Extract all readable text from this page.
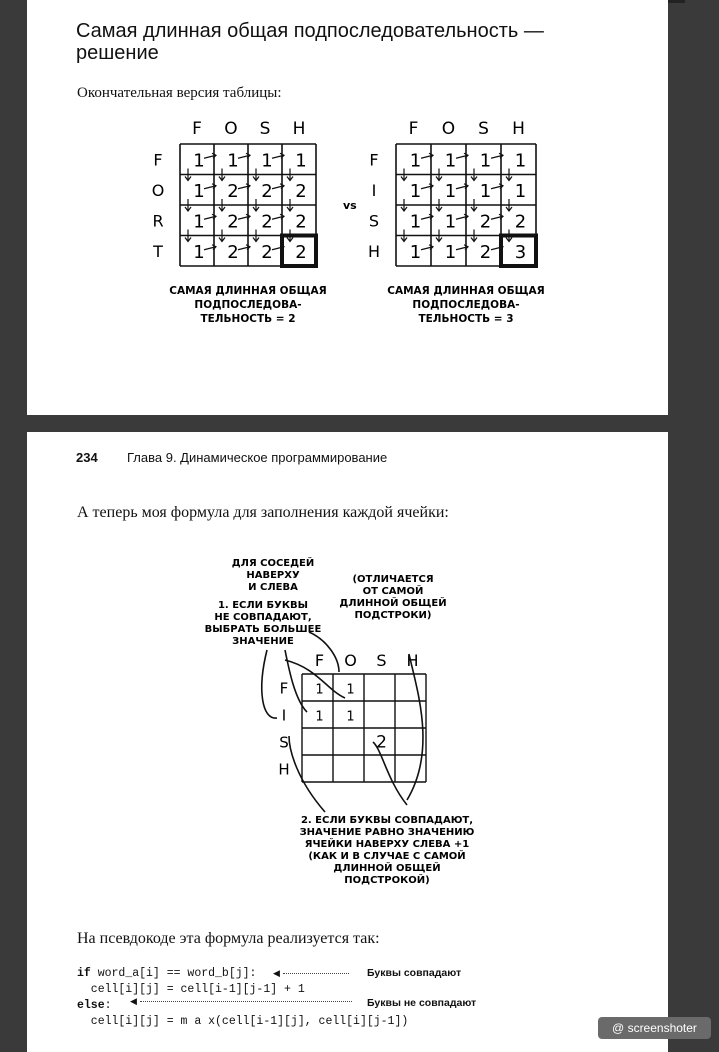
Самая длинная общая подпоследовательность —
решение
Окончательная версия таблицы:
F O S H
F
O
R
T
1 1 1 1
1 2 2 2
1 2 2 2
1 2 2 2
САМАЯ ДЛИННАЯ ОБЩАЯ
ПОДПОСЛЕДОВА-
ТЕЛЬНОСТЬ = 2
F O S H
F
I
S
H
1 1 1 1
1 1 1 1
1 1 2 2
1 1 2 3
САМАЯ ДЛИННАЯ ОБЩАЯ
ПОДПОСЛЕДОВА-
ТЕЛЬНОСТЬ = 3
vs
234 Глава 9. Динамическое программирование
А теперь моя формула для заполнения каждой ячейки:
F O S H
F
I
S
H
1 1
1 1
2
ДЛЯ СОСЕДЕЙ
НАВЕРХУ
И СЛЕВА
(ОТЛИЧАЕТСЯ
ОТ САМОЙ
ДЛИННОЙ ОБЩЕЙ
ПОДСТРОКИ)
1. ЕСЛИ БУКВЫ
НЕ СОВПАДАЮТ,
ВЫБРАТЬ БОЛЬШЕЕ
ЗНАЧЕНИЕ
2. ЕСЛИ БУКВЫ СОВПАДАЮТ,
ЗНАЧЕНИЕ РАВНО ЗНАЧЕНИЮ
ЯЧЕЙКИ НАВЕРХУ СЛЕВА +1
(КАК И В СЛУЧАЕ С САМОЙ
ДЛИННОЙ ОБЩЕЙ
ПОДСТРОКОЙ)
На псевдокоде эта формула реализуется так:
if word_a[i] == word_b[j]:
cell[i][j] = cell[i-1][j-1] + 1
else:
cell[i][j] = m a x(cell[i-1][j], cell[i][j-1])
◀	Буквы совпадают
◀	Буквы не совпадают
@ screenshoter
